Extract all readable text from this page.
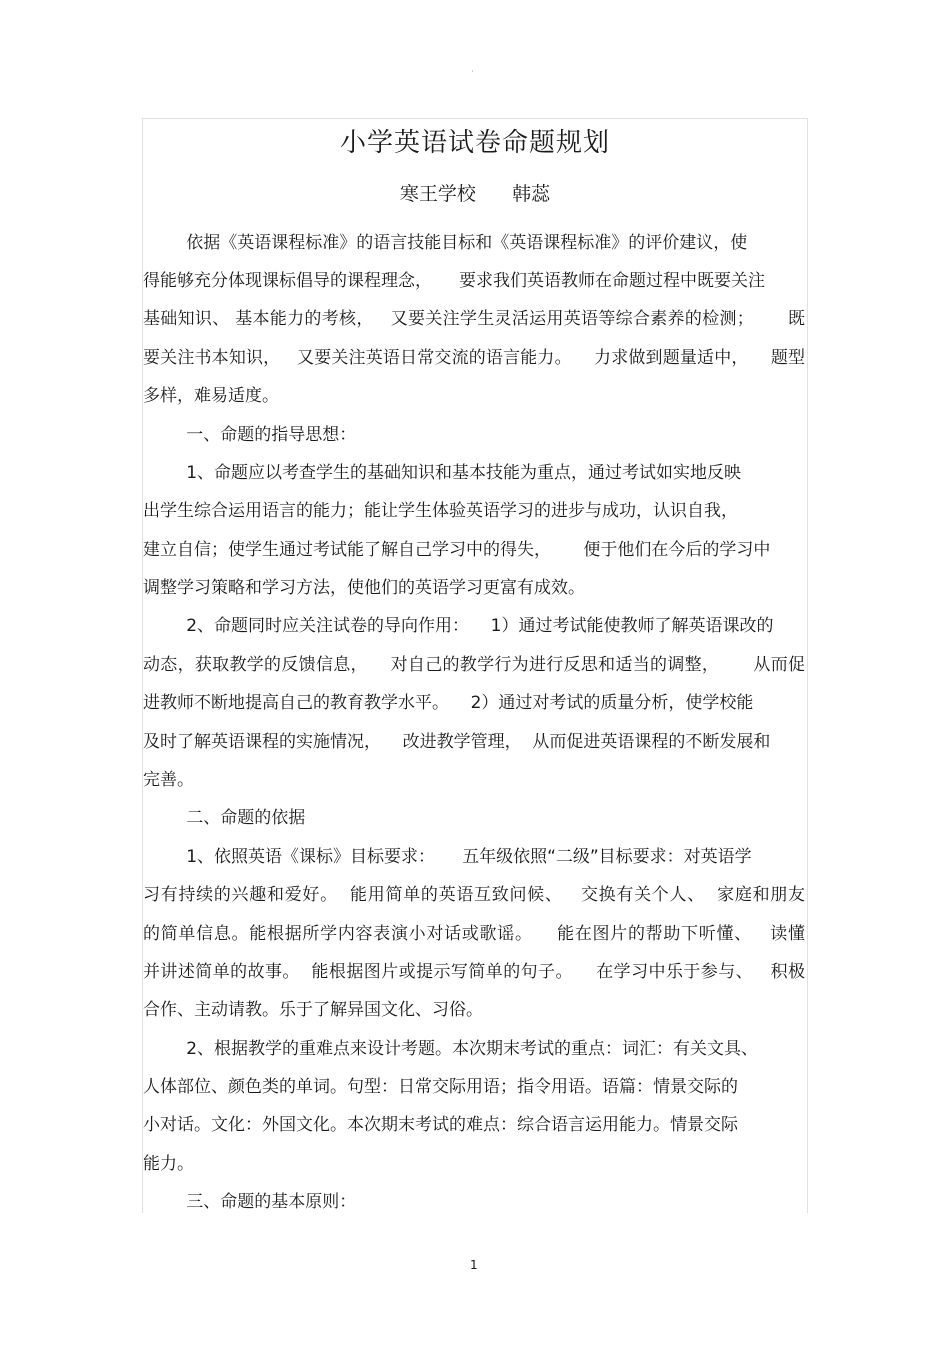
˙
小学英语试卷命题规划
寒王学校      韩蕊
依据《英语课程标准》的语言技能目标和《英语课程标准》的评价建议，使
得能够充分体现课标倡导的课程理念，     要求我们英语教师在命题过程中既要关注
基础知识、 基本能力的考核，   又要关注学生灵活运用英语等综合素养的检测；      既
要关注书本知识，   又要关注英语日常交流的语言能力。    力求做到题量适中，    题型
多样，难易适度。
一、命题的指导思想：
1、命题应以考查学生的基础知识和基本技能为重点，通过考试如实地反映
出学生综合运用语言的能力；能让学生体验英语学习的进步与成功，认识自我，
建立自信；使学生通过考试能了解自己学习中的得失，      便于他们在今后的学习中
调整学习策略和学习方法，使他们的英语学习更富有成效。
2、命题同时应关注试卷的导向作用：    1）通过考试能使教师了解英语课改的
动态，获取教学的反馈信息，    对自己的教学行为进行反思和适当的调整，      从而促
进教师不断地提高自己的教育教学水平。    2）通过对考试的质量分析，使学校能
及时了解英语课程的实施情况，    改进教学管理，  从而促进英语课程的不断发展和
完善。
二、命题的依据
1、依照英语《课标》目标要求：     五年级依照“二级”目标要求：对英语学
习有持续的兴趣和爱好。  能用简单的英语互致问候、   交换有关个人、  家庭和朋友
的简单信息。能根据所学内容表演小对话或歌谣。    能在图片的帮助下听懂、   读懂
并讲述简单的故事。  能根据图片或提示写简单的句子。    在学习中乐于参与、   积极
合作、主动请教。乐于了解异国文化、习俗。
2、根据教学的重难点来设计考题。本次期末考试的重点：词汇：有关文具、
人体部位、颜色类的单词。句型：日常交际用语；指令用语。语篇：情景交际的
小对话。文化：外国文化。本次期末考试的难点：综合语言运用能力。情景交际
能力。
三、命题的基本原则：
1
